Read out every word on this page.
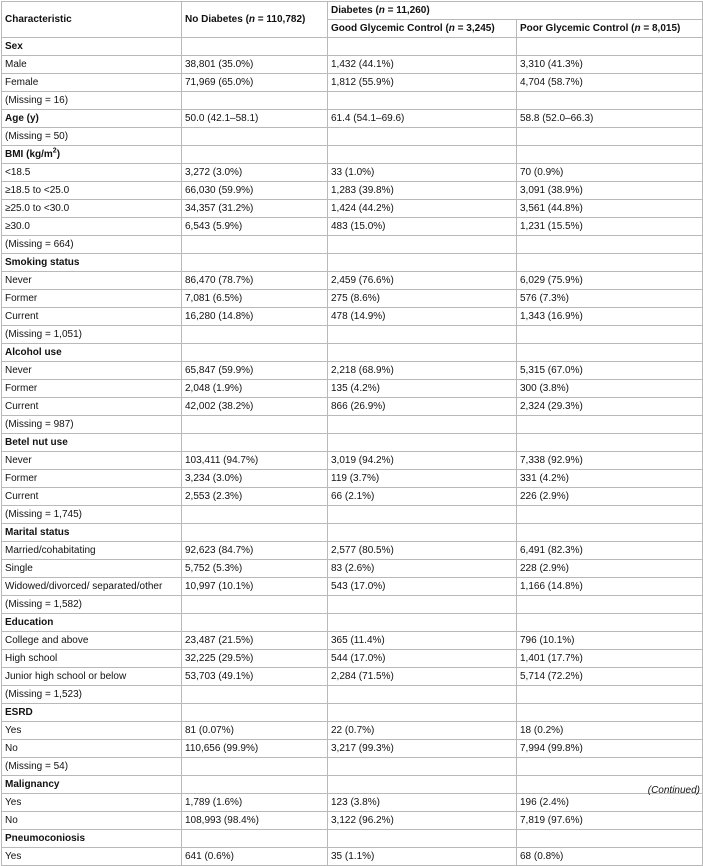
Characteristic	No Diabetes (n = 110,782)	Diabetes (n = 11,260)	
		Good Glycemic Control (n = 3,245)	Poor Glycemic Control (n = 8,015)
Sex			
Male	38,801 (35.0%)	1,432 (44.1%)	3,310 (41.3%)
Female	71,969 (65.0%)	1,812 (55.9%)	4,704 (58.7%)
(Missing = 16)			
Age (y)	50.0 (42.1–58.1)	61.4 (54.1–69.6)	58.8 (52.0–66.3)
(Missing = 50)			
BMI $(kg/m^2)$			
<18.5	3,272 (3.0%)	33 (1.0%)	70 (0.9%)
≥18.5 to <25.0	66,030 (59.9%)	1,283 (39.8%)	3,091 (38.9%)
≥25.0 to <30.0	34,357 (31.2%)	1,424 (44.2%)	3,561 (44.8%)
≥30.0	6,543 (5.9%)	483 (15.0%)	1,231 (15.5%)
(Missing = 664)			
Smoking status			
Never	86,470 (78.7%)	2,459 (76.6%)	6,029 (75.9%)
Former	7,081 (6.5%)	275 (8.6%)	576 (7.3%)
Current	16,280 (14.8%)	478 (14.9%)	1,343 (16.9%)
(Missing = 1,051)			
Alcohol use			
Never	65,847 (59.9%)	2,218 (68.9%)	5,315 (67.0%)
Former	2,048 (1.9%)	135 (4.2%)	300 (3.8%)
Current	42,002 (38.2%)	866 (26.9%)	2,324 (29.3%)
(Missing = 987)			
Betel nut use			
Never	103,411 (94.7%)	3,019 (94.2%)	7,338 (92.9%)
Former	3,234 (3.0%)	119 (3.7%)	331 (4.2%)
Current	2,553 (2.3%)	66 (2.1%)	226 (2.9%)
(Missing = 1,745)			
Marital status			
Married/cohabitating	92,623 (84.7%)	2,577 (80.5%)	6,491 (82.3%)
Single	5,752 (5.3%)	83 (2.6%)	228 (2.9%)
Widowed/divorced/ separated/other	10,997 (10.1%)	543 (17.0%)	1,166 (14.8%)
(Missing = 1,582)			
Education			
College and above	23,487 (21.5%)	365 (11.4%)	796 (10.1%)
High school	32,225 (29.5%)	544 (17.0%)	1,401 (17.7%)
Junior high school or below	53,703 (49.1%)	2,284 (71.5%)	5,714 (72.2%)
(Missing = 1,523)			
ESRD			
Yes	81 (0.07%)	22 (0.7%)	18 (0.2%)
No	110,656 (99.9%)	3,217 (99.3%)	7,994 (99.8%)
(Missing = 54)			
Malignancy			
Yes	1,789 (1.6%)	123 (3.8%)	196 (2.4%)
No	108,993 (98.4%)	3,122 (96.2%)	7,819 (97.6%)
Pneumoconiosis			
Yes	641 (0.6%)	35 (1.1%)	68 (0.8%)
(Continued)
